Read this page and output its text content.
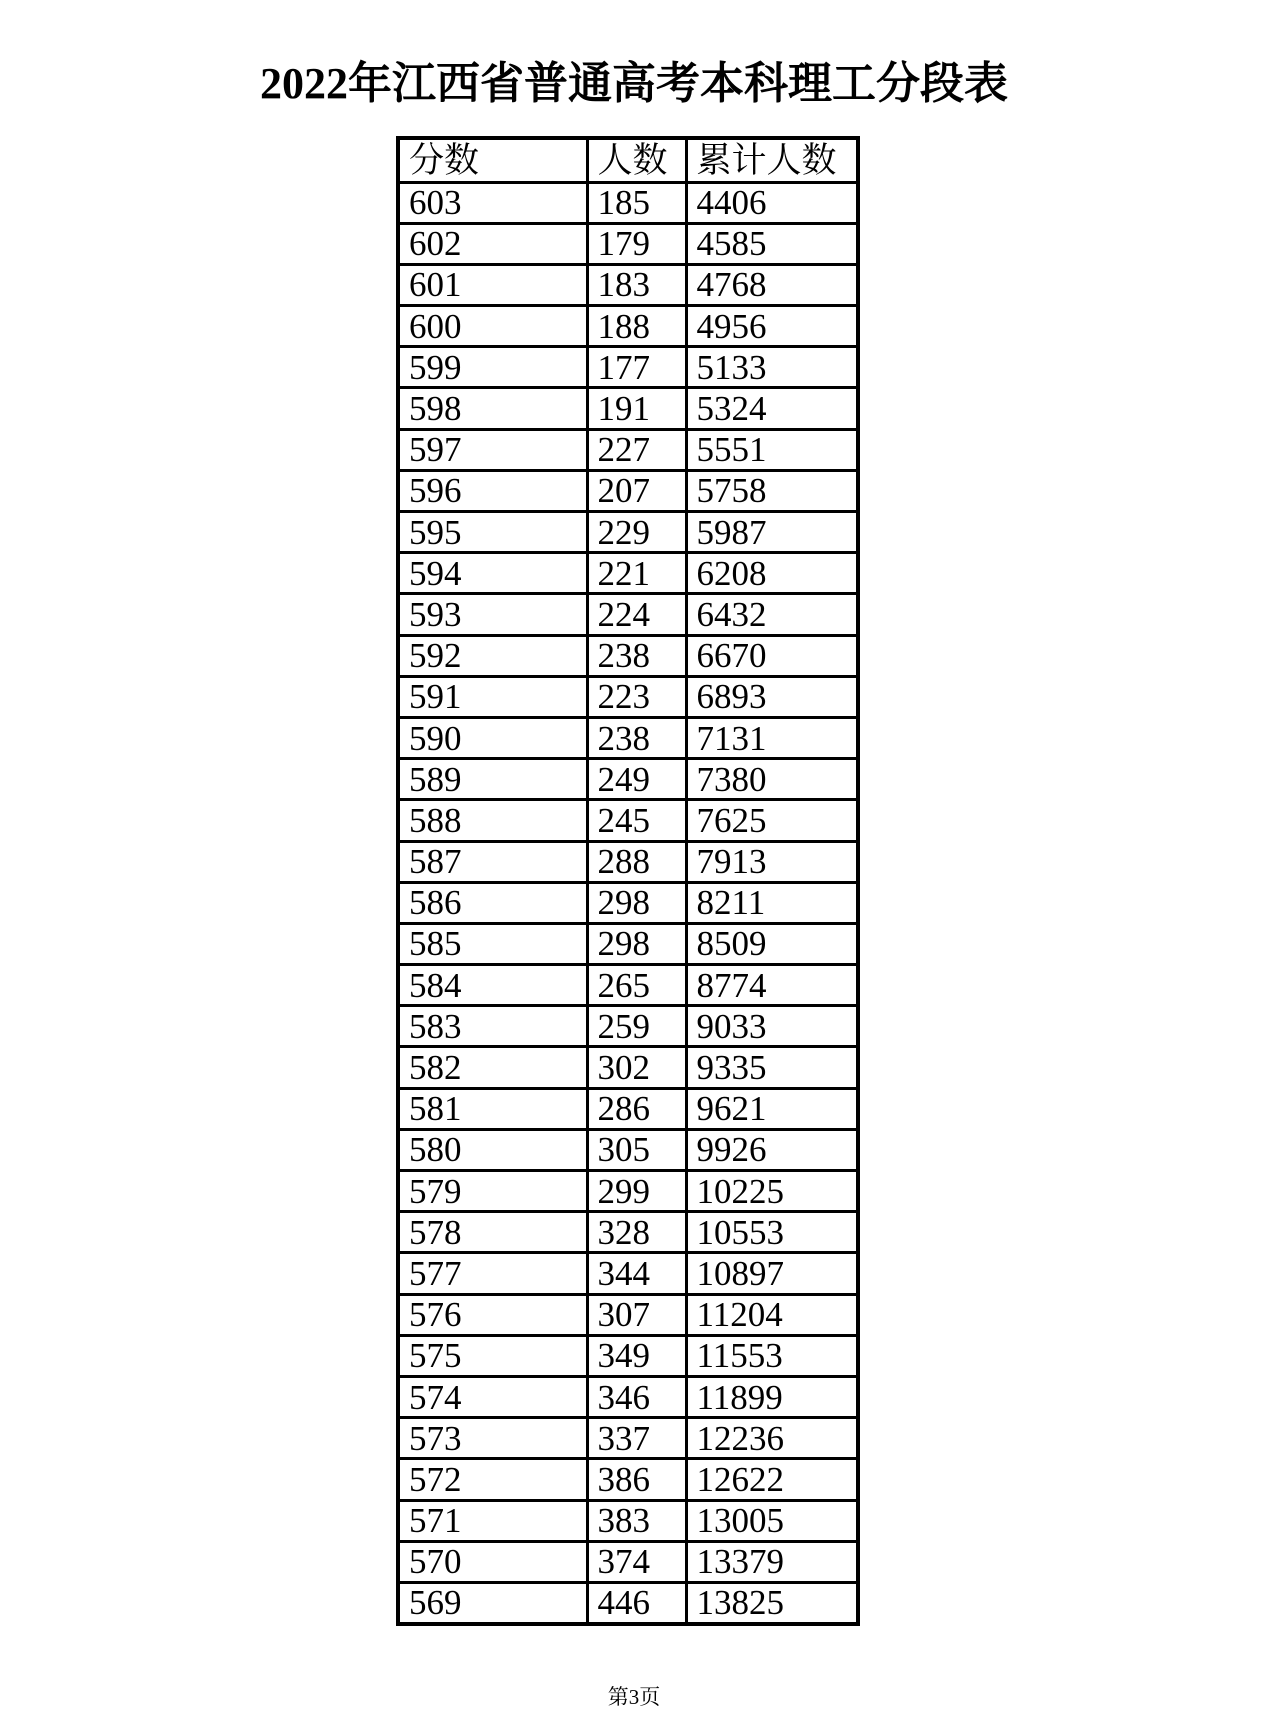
2022年江西省普通高考本科理工分段表
分数	人数	累计人数
603	185	4406
602	179	4585
601	183	4768
600	188	4956
599	177	5133
598	191	5324
597	227	5551
596	207	5758
595	229	5987
594	221	6208
593	224	6432
592	238	6670
591	223	6893
590	238	7131
589	249	7380
588	245	7625
587	288	7913
586	298	8211
585	298	8509
584	265	8774
583	259	9033
582	302	9335
581	286	9621
580	305	9926
579	299	10225
578	328	10553
577	344	10897
576	307	11204
575	349	11553
574	346	11899
573	337	12236
572	386	12622
571	383	13005
570	374	13379
569	446	13825
第3页
